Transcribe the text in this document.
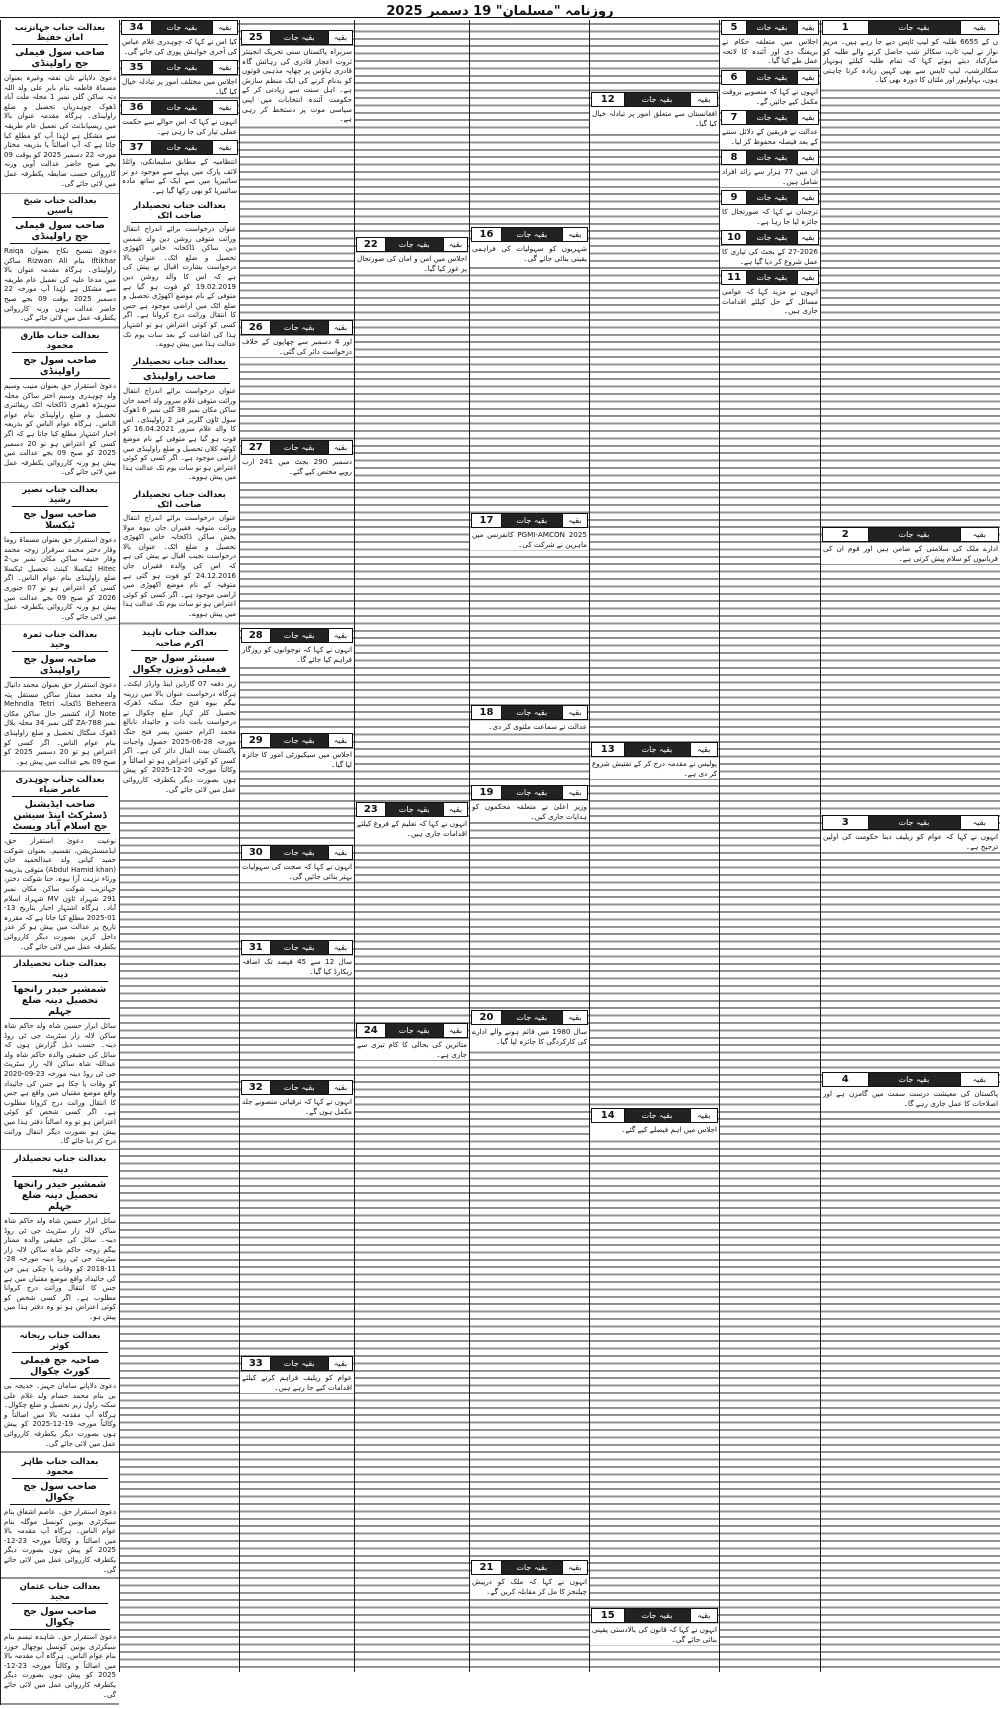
روزنامہ "مسلمان" 19 دسمبر 2025
1	بقیہ جات	بقیہ
ں کے 6655 طلبہ کو لیپ ٹاپس دیے جا رہے ہیں۔ مریم نواز نے لیپ ٹاپ، سکالر شپ حاصل کرنے والے طلبہ کو مبارکباد دیتے ہوئے کہا کہ تمام طلبہ کیلئے ہونہار سکالرشپ، لیپ ٹاپس سے بھی کہیں زیادہ کرنا چاہتی ہوں، بہاولپور اور ملتان کا دورہ بھی کیا۔
2	بقیہ جات	بقیہ
ادارے ملک کی سلامتی کے ضامن ہیں اور قوم ان کی قربانیوں کو سلام پیش کرتی ہے۔
3	بقیہ جات	بقیہ
انہوں نے کہا کہ عوام کو ریلیف دینا حکومت کی اولین ترجیح ہے۔
4	بقیہ جات	بقیہ
پاکستان کی معیشت درست سمت میں گامزن ہے اور اصلاحات کا عمل جاری رہے گا۔
5	بقیہ جات	بقیہ
اجلاس میں متعلقہ حکام نے بریفنگ دی اور آئندہ کا لائحہ عمل طے کیا گیا۔
6	بقیہ جات	بقیہ
انہوں نے کہا کہ منصوبے بروقت مکمل کیے جائیں گے۔
7	بقیہ جات	بقیہ
عدالت نے فریقین کے دلائل سننے کے بعد فیصلہ محفوظ کر لیا۔
8	بقیہ جات	بقیہ
ان میں 77 ہزار سے زائد افراد شامل ہیں۔
9	بقیہ جات	بقیہ
ترجمان نے کہا کہ صورتحال کا جائزہ لیا جا رہا ہے۔
10	بقیہ جات	بقیہ
27-2026 کے بجٹ کی تیاری کا عمل شروع کر دیا گیا ہے۔
11	بقیہ جات	بقیہ
انہوں نے مزید کہا کہ عوامی مسائل کے حل کیلئے اقدامات جاری ہیں۔
12	بقیہ جات	بقیہ
افغانستان سے متعلق امور پر تبادلہ خیال کیا گیا۔
13	بقیہ جات	بقیہ
پولیس نے مقدمہ درج کر کے تفتیش شروع کر دی ہے۔
14	بقیہ جات	بقیہ
اجلاس میں اہم فیصلے کیے گئے۔
15	بقیہ جات	بقیہ
انہوں نے کہا کہ قانون کی بالادستی یقینی بنائی جائے گی۔
16	بقیہ جات	بقیہ
شہریوں کو سہولیات کی فراہمی یقینی بنائی جائے گی۔
17	بقیہ جات	بقیہ
PGMI-AMCON 2025 کانفرنس میں ماہرین نے شرکت کی۔
18	بقیہ جات	بقیہ
عدالت نے سماعت ملتوی کر دی۔
19	بقیہ جات	بقیہ
وزیر اعلیٰ نے متعلقہ محکموں کو ہدایات جاری کیں۔
20	بقیہ جات	بقیہ
سال 1980 میں قائم ہونے والے ادارے کی کارکردگی کا جائزہ لیا گیا۔
21	بقیہ جات	بقیہ
انہوں نے کہا کہ ملک کو درپیش چیلنجز کا مل کر مقابلہ کریں گے۔
22	بقیہ جات	بقیہ
اجلاس میں امن و امان کی صورتحال پر غور کیا گیا۔
23	بقیہ جات	بقیہ
انہوں نے کہا کہ تعلیم کے فروغ کیلئے اقدامات جاری ہیں۔
24	بقیہ جات	بقیہ
متاثرین کی بحالی کا کام تیزی سے جاری ہے۔
25	بقیہ جات	بقیہ
سربراہ پاکستان سنی تحریک انجینئر ثروت اعجاز قادری کی رہائش گاہ قادری ہاؤس پر چھاپہ مذہبی قوتوں کو بدنام کرنے کی ایک منظم سازش ہے۔ اہل سنت سے زیادتی کر کے حکومت آئندہ انتخابات میں اپنی سیاسی موت پر دستخط کر رہی ہے۔
26	بقیہ جات	بقیہ
اور 4 دسمبر سے چھاپوں کے خلاف درخواست دائر کی گئی۔
27	بقیہ جات	بقیہ
دسمبر 290 بجٹ میں 241 ارب روپے مختص کیے گئے۔
28	بقیہ جات	بقیہ
انہوں نے کہا کہ نوجوانوں کو روزگار فراہم کیا جائے گا۔
29	بقیہ جات	بقیہ
اجلاس میں سیکیورٹی امور کا جائزہ لیا گیا۔
30	بقیہ جات	بقیہ
انہوں نے کہا کہ صحت کی سہولیات بہتر بنائی جائیں گی۔
31	بقیہ جات	بقیہ
سال 12 سے 45 فیصد تک اضافہ ریکارڈ کیا گیا۔
32	بقیہ جات	بقیہ
انہوں نے کہا کہ ترقیاتی منصوبے جلد مکمل ہوں گے۔
33	بقیہ جات	بقیہ
عوام کو ریلیف فراہم کرنے کیلئے اقدامات کیے جا رہے ہیں۔
34	بقیہ جات	بقیہ
کیا اس نے کہا کہ چوہدری غلام عباس کی آخری خواہش پوری کی جائے گی۔
35	بقیہ جات	بقیہ
اجلاس میں مختلف امور پر تبادلہ خیال کیا گیا۔
36	بقیہ جات	بقیہ
انہوں نے کہا کہ اس حوالے سے حکمت عملی تیار کی جا رہی ہے۔
37	بقیہ جات	بقیہ
انتظامیہ کے مطابق سلیمانکی، وائلڈ لائف پارک میں پہلے سے موجود دو نر سائبیریا میں سے ایک کے ساتھ مادہ سائبیریا کو بھی رکھا گیا ہے۔
بعدالت جناب تحصیلدار صاحب اٹک
عنوان درخواست برائے اندراج انتقال وراثت متوفی روشن دین ولد شمس دین ساکن ڈاکخانہ خاص اکھوڑی تحصیل و ضلع اٹک۔ عنوان بالا درخواست بشارت اقبال نے پیش کی ہے کہ اس کا والد روشن دین 19.02.2019 کو فوت ہو گیا ہے متوفی کے نام موضع اکھوڑی تحصیل و ضلع اٹک میں اراضی موجود ہے جس کا انتقال وراثت درج کروانا ہے۔ اگر کسی کو کوئی اعتراض ہو تو اشتہار ہذا کی اشاعت کے بعد سات یوم تک عدالت ہذا میں پیش ہووے۔
بعدالت جناب تحصیلدار
صاحب راولپنڈی
عنوان درخواست برائے اندراج انتقال وراثت متوفی غلام سرور ولد احمد خان ساکن مکان نمبر 38 گلی نمبر 6 ڈھوک سول ٹاؤن گلریز فیز 2 راولپنڈی۔ اس کا والد غلام سرور 16.04.2021 کو فوت ہو گیا ہے متوفی کے نام موضع کوٹھہ کلاں تحصیل و ضلع راولپنڈی میں اراضی موجود ہے۔ اگر کسی کو کوئی اعتراض ہو تو سات یوم تک عدالت ہذا میں پیش ہووے۔
بعدالت جناب تحصیلدار صاحب اٹک
عنوان درخواست برائے اندراج انتقال وراثت متوفیہ فقیراں جان بیوہ مولا بخش ساکن ڈاکخانہ خاص اکھوڑی تحصیل و ضلع اٹک۔ عنوان بالا درخواست نجیب اقبال نے پیش کی ہے کہ اس کی والدہ فقیراں جان 24.12.2016 کو فوت ہو گئی ہے متوفیہ کے نام موضع اکھوڑی میں اراضی موجود ہے۔ اگر کسی کو کوئی اعتراض ہو تو سات یوم تک عدالت ہذا میں پیش ہووے۔
بعدالت جناب ناہید اکرم صاحبہ
سینئر سول جج فیملی ڈویژن چکوال
زیر دفعہ 07 گارڈین اینڈ وارڈز ایکٹ۔ ہرگاہ درخواست عنوان بالا میں زرینہ بیگم بیوہ فتح جنگ سکنہ ڈھرکہ تحصیل کلر کہار ضلع چکوال نے درخواست بابت ذات و جائیداد نابالغ محمد اکرام حسین پسر فتح جنگ مورخہ 28-06-2025 حصول واجبات پاکستان بیت المال دائر کی ہے۔ اگر کسی کو کوئی اعتراض ہو تو اصالتاً و وکالتاً مورخہ 20-12-2025 کو پیش ہوں بصورت دیگر یکطرفہ کارروائی عمل میں لائی جائے گی۔
بعدالت جناب جہانزیب امان حفیظ
صاحب سول فیملی جج راولپنڈی
دعویٰ دلاپانے نان نفقہ وغیرہ بعنوان مسماۃ فاطمہ بنام بابر علی ولد اللہ دتہ ساکن گلی نمبر 1 محلہ ملت آباد ڈھوک چوہدریاں تحصیل و ضلع راولپنڈی۔ ہرگاہ مقدمہ عنوان بالا میں ریسپانڈنٹ کی تعمیل عام طریقہ سے مشکل ہے لہٰذا آپ کو مطلع کیا جاتا ہے کہ آپ اصالتاً یا بذریعہ مختار مورخہ 22 دسمبر 2025 کو بوقت 09 بجے صبح حاضر عدالت آویں ورنہ کارروائی حسب ضابطہ یکطرفہ عمل میں لائی جائے گی۔
بعدالت جناب شیخ یاسین
صاحب سول فیملی جج راولپنڈی
دعویٰ تنسیخ نکاح بعنوان Raiqa Iftikhar بنام Rizwan Ali ساکن راولپنڈی۔ ہرگاہ مقدمہ عنوان بالا میں مدعا علیہ کی تعمیل عام طریقہ سے مشکل ہے لہٰذا آپ مورخہ 22 دسمبر 2025 بوقت 09 بجے صبح حاضر عدالت ہوں ورنہ کارروائی یکطرفہ عمل میں لائی جائے گی۔
بعدالت جناب طارق محمود
صاحب سول جج راولپنڈی
دعویٰ استقرار حق بعنوان منیب وسیم ولد چوہدری وسیم اختر ساکن محلہ سوہنڑہ ڈھیری ڈاکخانہ اٹک ریفائنری تحصیل و ضلع راولپنڈی بنام عوام الناس۔ ہرگاہ عوام الناس کو بذریعہ اخبار اشتہار مطلع کیا جاتا ہے کہ اگر کسی کو اعتراض ہو تو 20 دسمبر 2025 کو صبح 09 بجے عدالت میں پیش ہو ورنہ کارروائی یکطرفہ عمل میں لائی جائے گی۔
بعدالت جناب نصیر رشید
صاحب سول جج ٹیکسلا
دعویٰ استقرار حق بعنوان مسماۃ روما وقار دختر محمد سرفراز زوجہ محمد وقار حنیفہ ساکن مکان نمبر بی-2 Hitec ٹیکسلا کینٹ تحصیل ٹیکسلا ضلع راولپنڈی بنام عوام الناس۔ اگر کسی کو اعتراض ہو تو 07 جنوری 2026 کو صبح 09 بجے عدالت میں پیش ہو ورنہ کارروائی یکطرفہ عمل میں لائی جائے گی۔
بعدالت جناب ثمرہ وحید
صاحبہ سول جج راولپنڈی
دعویٰ استقرار حق بعنوان محمد دانیال ولد محمد ممتاز ساکن مستقل پتہ Beheera ڈاکخانہ Mehndla Tetri Note آزاد کشمیر حال ساکن مکان نمبر ZA-788 گلی نمبر 34 محلہ بلال ڈھوک منگٹال تحصیل و ضلع راولپنڈی بنام عوام الناس۔ اگر کسی کو اعتراض ہو تو 20 دسمبر 2025 کو صبح 09 بجے عدالت میں پیش ہو۔
بعدالت جناب چوہدری عامر ضیاء
صاحب ایڈیشنل ڈسٹرکٹ اینڈ سیشن جج اسلام آباد ویسٹ
نوعیت دعویٰ استقرار حق، ایڈمنسٹریشن، تقسیم، بعنوان شوکت حمید کیانی ولد عبدالحمید خان (Abdul Hamid khan) متوفی بذریعہ ورثاء نزہت آرا بیوہ، حنا شوکت دختر، جہانزیب شوکت ساکن مکان نمبر 291 شہزاد ٹاؤن MV شہزاد اسلام آباد۔ ہرگاہ اشتہار اخبار بتاریخ 13-01-2025 مطلع کیا جاتا ہے کہ مقررہ تاریخ پر عدالت میں پیش ہو کر عذر داخل کریں بصورت دیگر کارروائی یکطرفہ عمل میں لائی جائے گی۔
بعدالت جناب تحصیلدار دینہ
شمشیر حیدر رانجھا تحصیل دینہ ضلع جہلم
سائل ابرار حسین شاہ ولد حاکم شاہ ساکن لالہ زار سٹریٹ جی ٹی روڈ دینہ۔ حسب ذیل گزارش ہوں کہ سائل کی حقیقی والدہ حاکم شاہ ولد عبداللہ شاہ ساکن لالہ زار سٹریٹ جی ٹی روڈ دینہ مورخہ 23-09-2020 کو وفات پا چکا ہے جس کی جائیداد واقع موضع مقتیاں میں واقع ہے جس کا انتقال وراثت درج کروانا مطلوب ہے۔ اگر کسی شخص کو کوئی اعتراض ہو تو وہ اصالتاً دفتر ہذا میں پیش ہو بصورت دیگر انتقال وراثت درج کر دیا جائے گا۔
بعدالت جناب تحصیلدار دینہ
شمشیر حیدر رانجھا تحصیل دینہ ضلع جہلم
سائل ابرار حسین شاہ ولد حاکم شاہ ساکن لالہ زار سٹریٹ جی ٹی روڈ دینہ۔ سائل کی حقیقی والدہ ممتاز بیگم زوجہ حاکم شاہ ساکن لالہ زار سٹریٹ جی ٹی روڈ دینہ مورخہ 28-11-2018 کو وفات پا چکی ہیں جن کی جائیداد واقع موضع مقتیاں میں ہے جس کا انتقال وراثت درج کروانا مطلوب ہے۔ اگر کسی شخص کو کوئی اعتراض ہو تو وہ دفتر ہذا میں پیش ہو۔
بعدالت جناب ریحانہ کوثر
صاحبہ جج فیملی کورٹ چکوال
دعویٰ دلاپانے سامان جہیز۔ خدیجہ بی بی بنام محمد حسام ولد غلام علی سکنہ راول زیر تحصیل و ضلع چکوال۔ ہرگاہ آپ مقدمہ بالا میں اصالتاً و وکالتاً مورخہ 19-12-2025 کو پیش ہوں بصورت دیگر یکطرفہ کارروائی عمل میں لائی جائے گی۔
بعدالت جناب طاہر محمود
صاحب سول جج چکوال
دعویٰ استقرار حق۔ عاصم اشفاق بنام سیکرٹری یونین کونسل موگلہ بنام عوام الناس۔ ہرگاہ آپ مقدمہ بالا میں اصالتاً و وکالتاً مورخہ 23-12-2025 کو پیش ہوں بصورت دیگر یکطرفہ کارروائی عمل میں لائی جائے گی۔
بعدالت جناب عثمان مجید
صاحب سول جج چکوال
دعویٰ استقرار حق۔ شاہدہ تبسم بنام سیکرٹری یونین کونسل بوچھال خورد بنام عوام الناس۔ ہرگاہ آپ مقدمہ بالا میں اصالتاً و وکالتاً مورخہ 23-12-2025 کو پیش ہوں بصورت دیگر یکطرفہ کارروائی عمل میں لائی جائے گی۔
